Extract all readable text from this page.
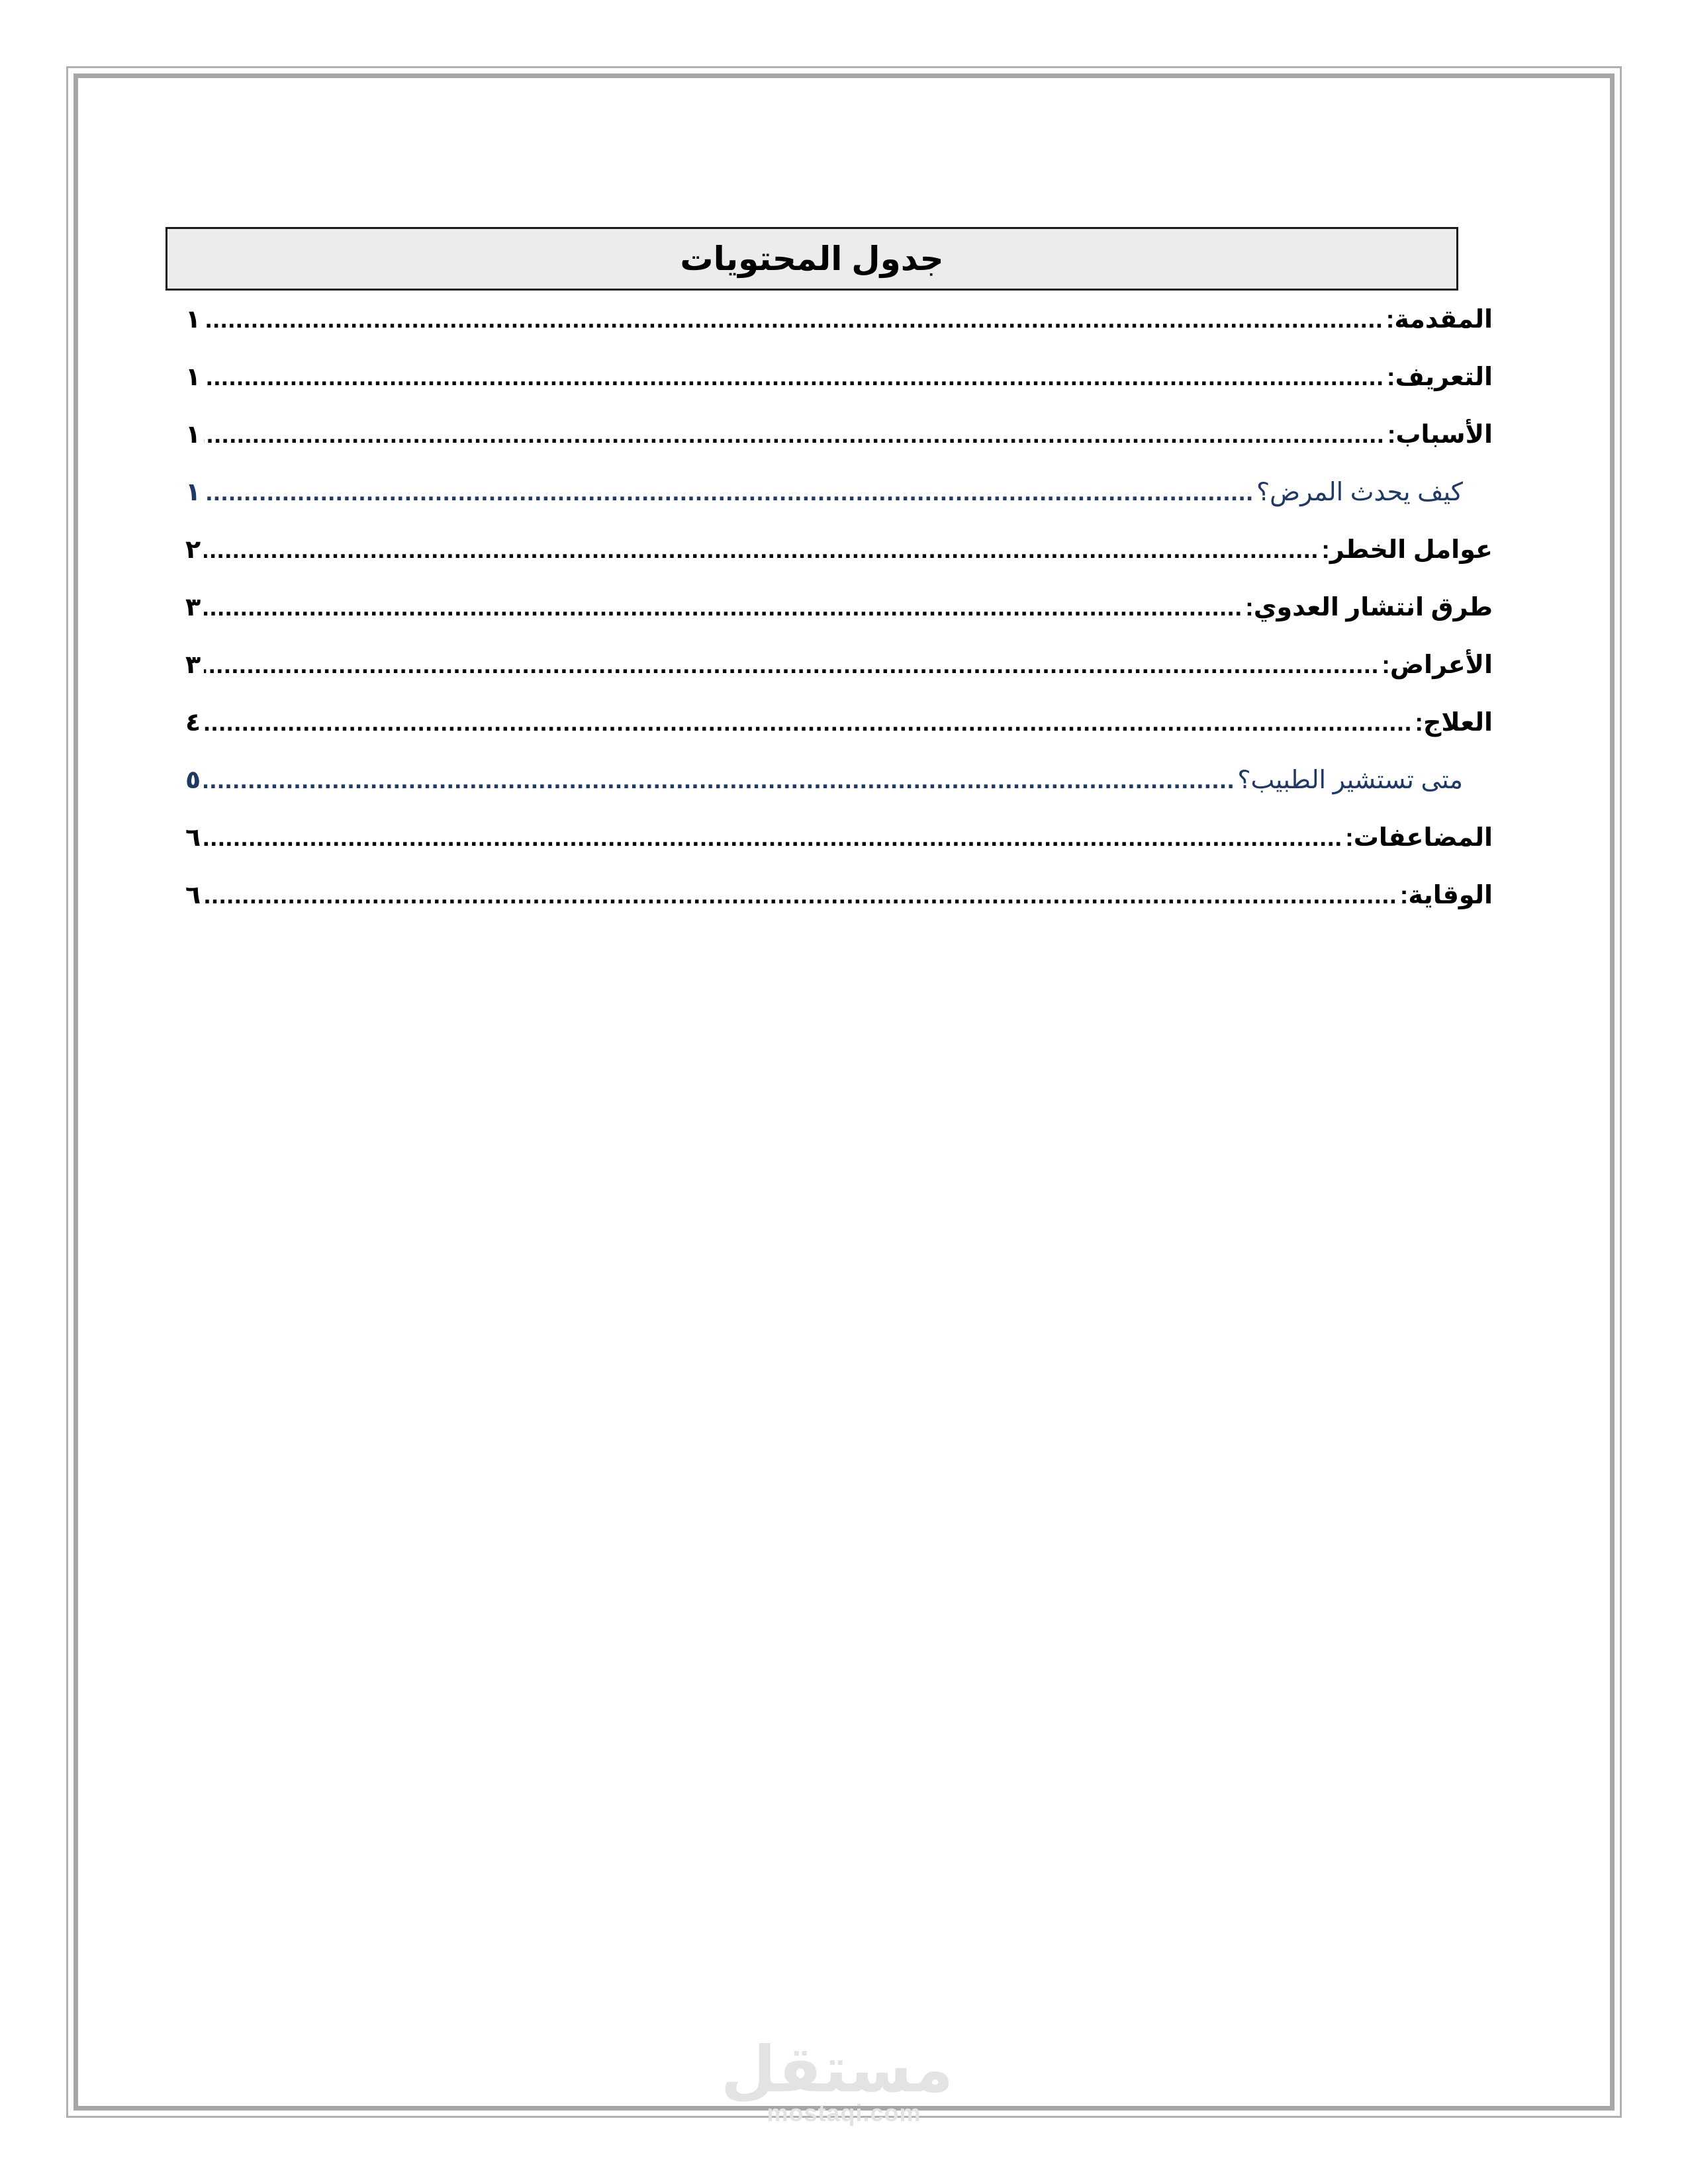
جدول المحتويات
المقدمة:
.....
١
التعريف:
.....
١
الأسباب:
.....
١
كيف يحدث المرض؟
.....
١
عوامل الخطر:
.....
٢
طرق انتشار العدوي:
.....
٣
الأعراض:
.....
٣
العلاج:
.....
٤
متى تستشير الطبيب؟
.....
٥
المضاعفات:
.....
٦
الوقاية:
.....
٦
مستقل
mostaqi.com
